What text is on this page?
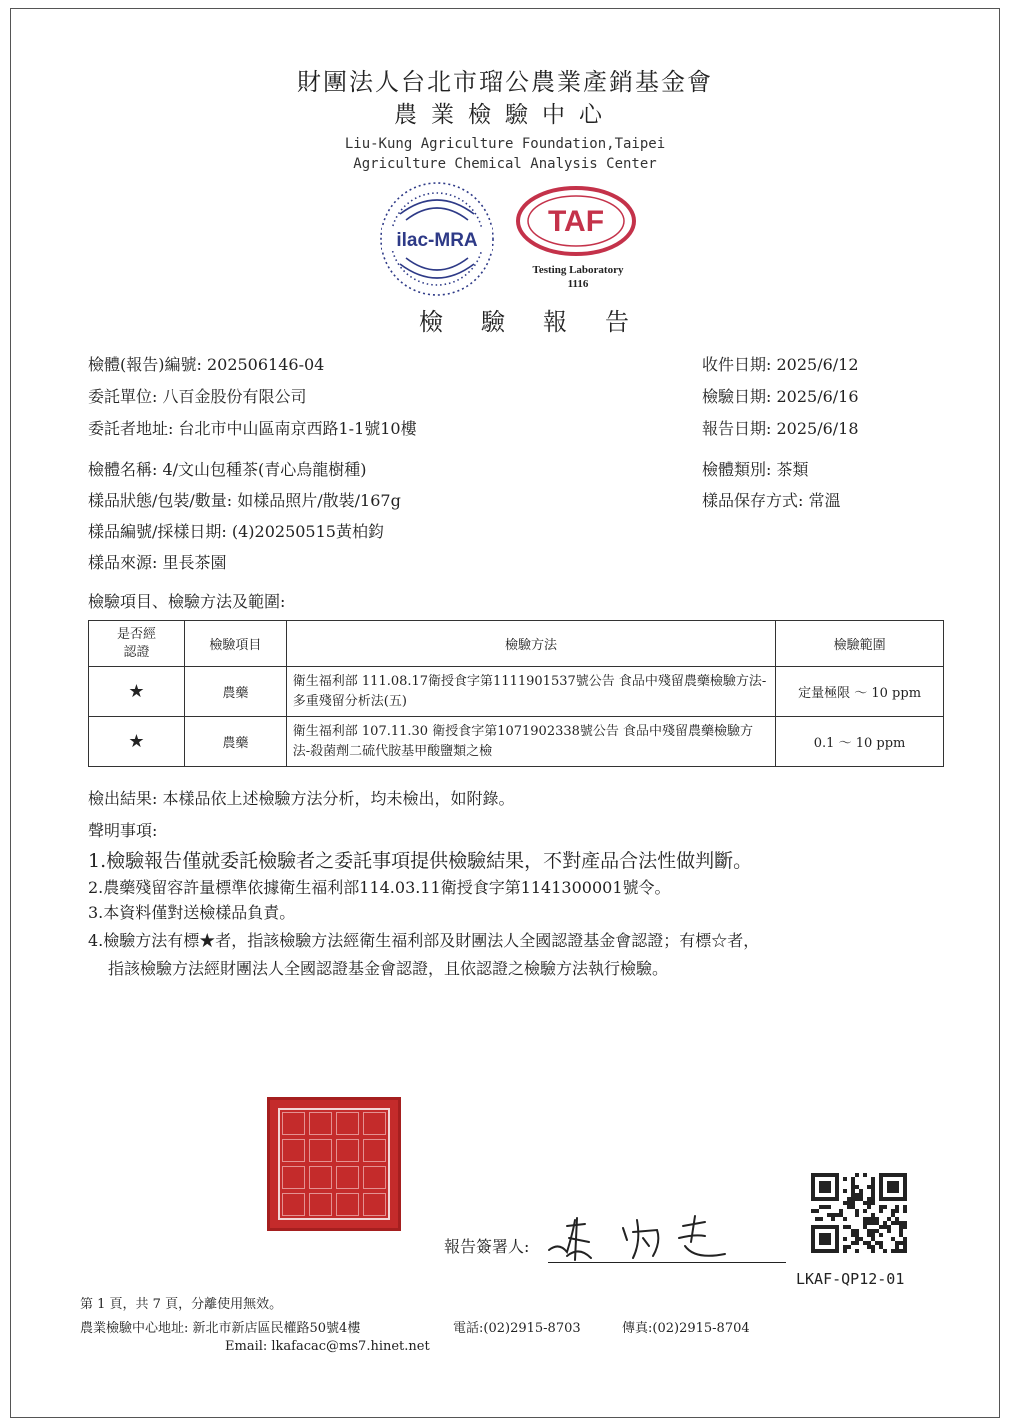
財團法人台北市瑠公農業產銷基金會
農業檢驗中心
Liu-Kung Agriculture Foundation,Taipei
Agriculture Chemical Analysis Center
ilac-MRA
TAF
Testing Laboratory
1116
檢驗報告
檢體(報告)編號: 202506146-04
委託單位: 八百金股份有限公司
委託者地址: 台北市中山區南京西路1-1號10樓
檢體名稱: 4/文山包種茶(青心烏龍樹種)
樣品狀態/包裝/數量: 如樣品照片/散裝/167g
樣品編號/採樣日期: (4)20250515黃柏鈞
樣品來源: 里長茶園
收件日期: 2025/6/12
檢驗日期: 2025/6/16
報告日期: 2025/6/18
檢體類別: 茶類
樣品保存方式: 常溫
檢驗項目、檢驗方法及範圍:
是否經
認證	檢驗項目	檢驗方法	檢驗範圍
★	農藥	衛生福利部 111.08.17衛授食字第1111901537號公告 食品中殘留農藥檢驗方法-多重殘留分析法(五)	定量極限 ～ 10 ppm
★	農藥	衛生福利部 107.11.30 衛授食字第1071902338號公告 食品中殘留農藥檢驗方法-殺菌劑二硫代胺基甲酸鹽類之檢	0.1 ～ 10 ppm
檢出結果: 本樣品依上述檢驗方法分析，均未檢出，如附錄。
聲明事項:
1.檢驗報告僅就委託檢驗者之委託事項提供檢驗結果，不對產品合法性做判斷。
2.農藥殘留容許量標準依據衛生福利部114.03.11衛授食字第1141300001號令。
3.本資料僅對送檢樣品負責。
4.檢驗方法有標★者，指該檢驗方法經衛生福利部及財團法人全國認證基金會認證；有標☆者，
指該檢驗方法經財團法人全國認證基金會認證，且依認證之檢驗方法執行檢驗。
報告簽署人:
LKAF-QP12-01
第 1 頁，共 7 頁，分離使用無效。
農業檢驗中心地址: 新北市新店區民權路50號4樓	電話:(02)2915-8703	傳真:(02)2915-8704
Email: lkafacac@ms7.hinet.net
